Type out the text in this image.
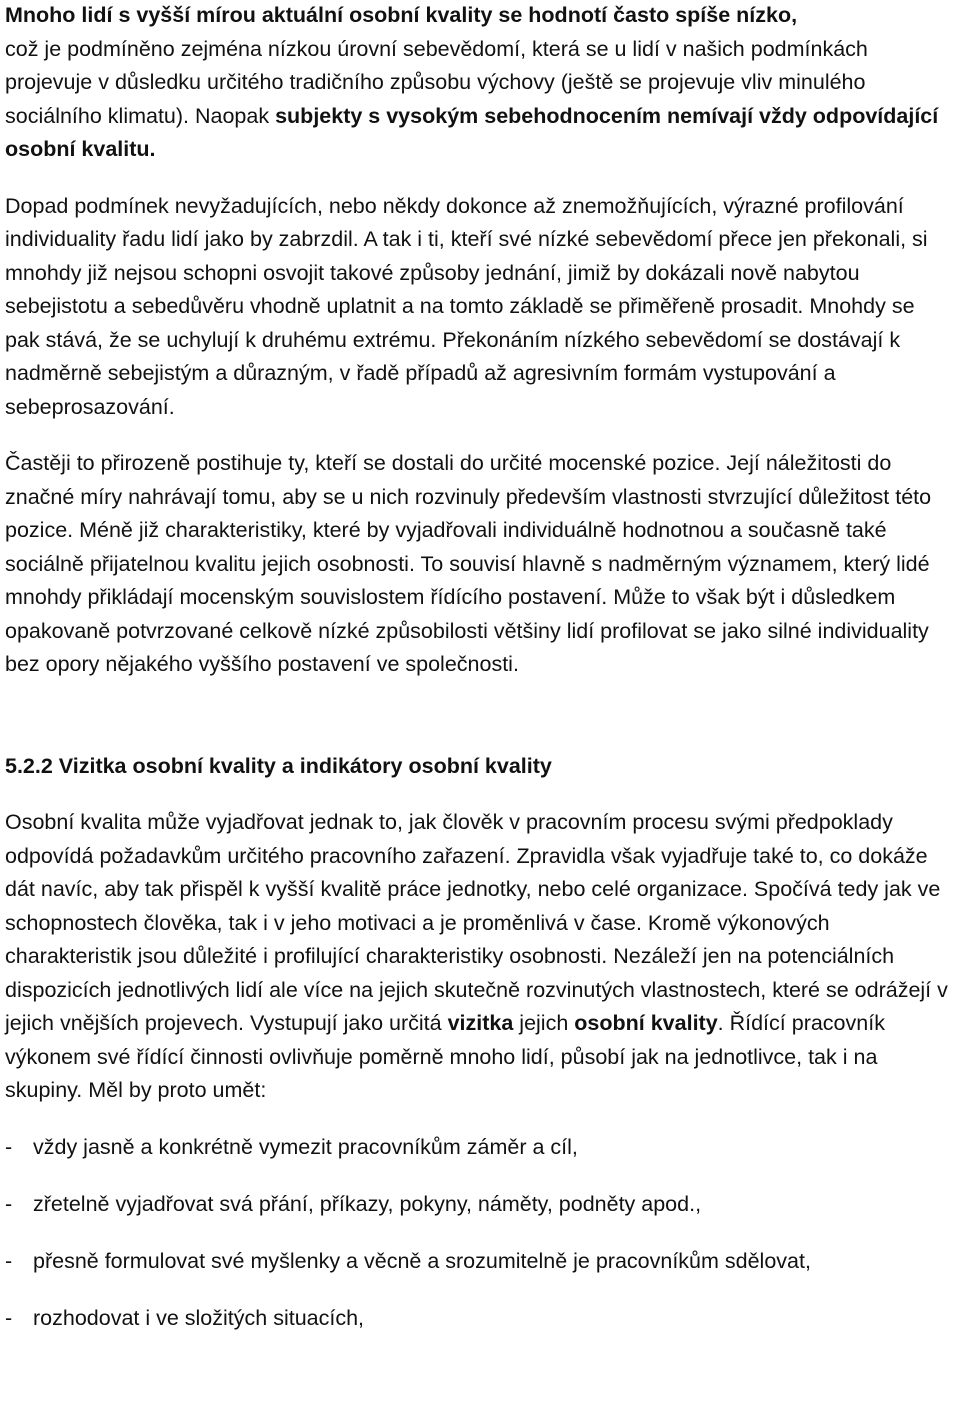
Mnoho lidí s vyšší mírou aktuální osobní kvality se hodnotí často spíše nízko,
což je podmíněno zejména nízkou úrovní sebevědomí, která se u lidí v našich podmínkách projevuje v důsledku určitého tradičního způsobu výchovy (ještě se projevuje vliv minulého sociálního klimatu). Naopak subjekty s vysokým sebehodnocením nemívají vždy odpovídající osobní kvalitu.

Dopad podmínek nevyžadujících, nebo někdy dokonce až znemožňujících, výrazné profilování individuality řadu lidí jako by zabrzdil. A tak i ti, kteří své nízké sebevědomí přece jen překonali, si mnohdy již nejsou schopni osvojit takové způsoby jednání, jimiž by dokázali nově nabytou sebejistotu a sebedůvěru vhodně uplatnit a na tomto základě se přiměřeně prosadit. Mnohdy se pak stává, že se uchylují k druhému extrému. Překonáním nízkého sebevědomí se dostávají k nadměrně sebejistým a důrazným, v řadě případů až agresivním formám vystupování a sebeprosazování.

Častěji to přirozeně postihuje ty, kteří se dostali do určité mocenské pozice. Její náležitosti do značné míry nahrávají tomu, aby se u nich rozvinuly především vlastnosti stvrzující důležitost této pozice. Méně již charakteristiky, které by vyjadřovali individuálně hodnotnou a současně také sociálně přijatelnou kvalitu jejich osobnosti. To souvisí hlavně s nadměrným významem, který lidé mnohdy přikládají mocenským souvislostem řídícího postavení. Může to však být i důsledkem opakovaně potvrzované celkově nízké způsobilosti většiny lidí profilovat se jako silné individuality bez opory nějakého vyššího postavení ve společnosti.

5.2.2 Vizitka osobní kvality a indikátory osobní kvality

Osobní kvalita může vyjadřovat jednak to, jak člověk v pracovním procesu svými předpoklady odpovídá požadavkům určitého pracovního zařazení. Zpravidla však vyjadřuje také to, co dokáže dát navíc, aby tak přispěl k vyšší kvalitě práce jednotky, nebo celé organizace. Spočívá tedy jak ve schopnostech člověka, tak i v jeho motivaci a je proměnlivá v čase. Kromě výkonových charakteristik jsou důležité i profilující charakteristiky osobnosti. Nezáleží jen na potenciálních dispozicích jednotlivých lidí ale více na jejich skutečně rozvinutých vlastnostech, které se odrážejí v jejich vnějších projevech. Vystupují jako určitá vizitka jejich osobní kvality. Řídící pracovník výkonem své řídící činnosti ovlivňuje poměrně mnoho lidí, působí jak na jednotlivce, tak i na skupiny. Měl by proto umět:

- vždy jasně a konkrétně vymezit pracovníkům záměr a cíl,
- zřetelně vyjadřovat svá přání, příkazy, pokyny, náměty, podněty apod.,
- přesně formulovat své myšlenky a věcně a srozumitelně je pracovníkům sdělovat,
- rozhodovat i ve složitých situacích,
